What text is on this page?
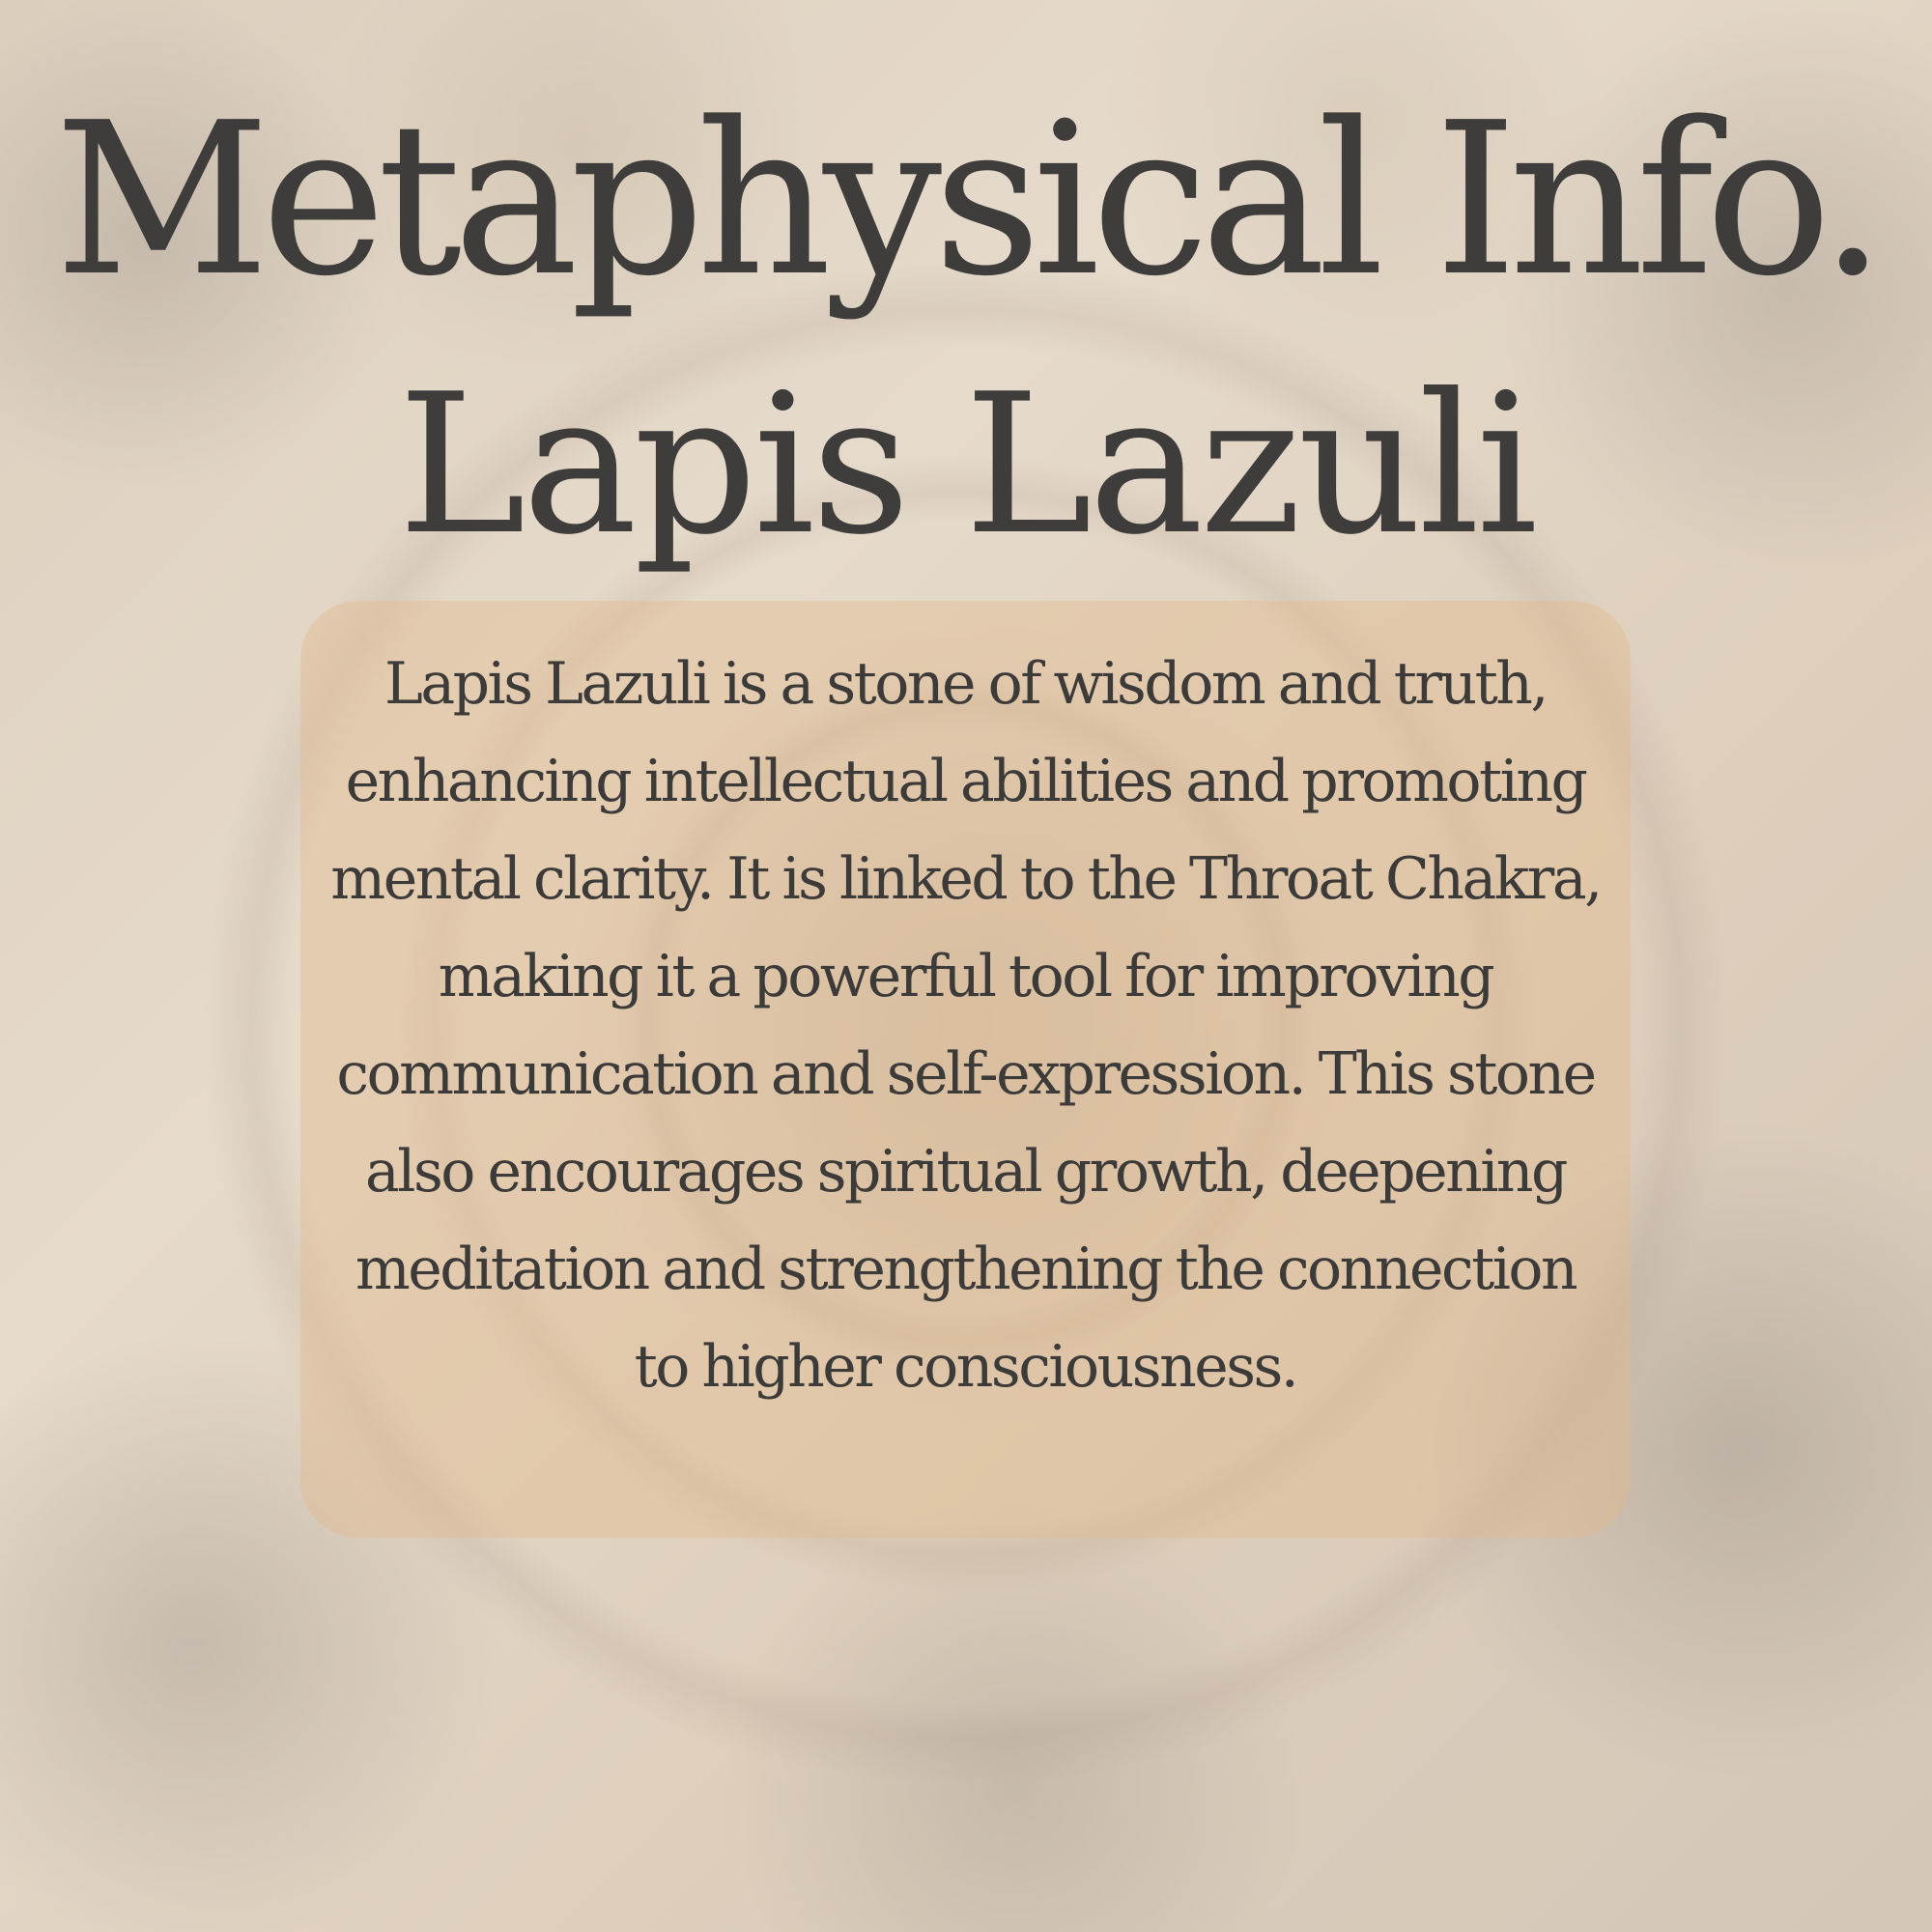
Metaphysical Info.
Lapis Lazuli

Lapis Lazuli is a stone of wisdom and truth, enhancing intellectual abilities and promoting mental clarity. It is linked to the Throat Chakra, making it a powerful tool for improving communication and self-expression. This stone also encourages spiritual growth, deepening meditation and strengthening the connection to higher consciousness.
